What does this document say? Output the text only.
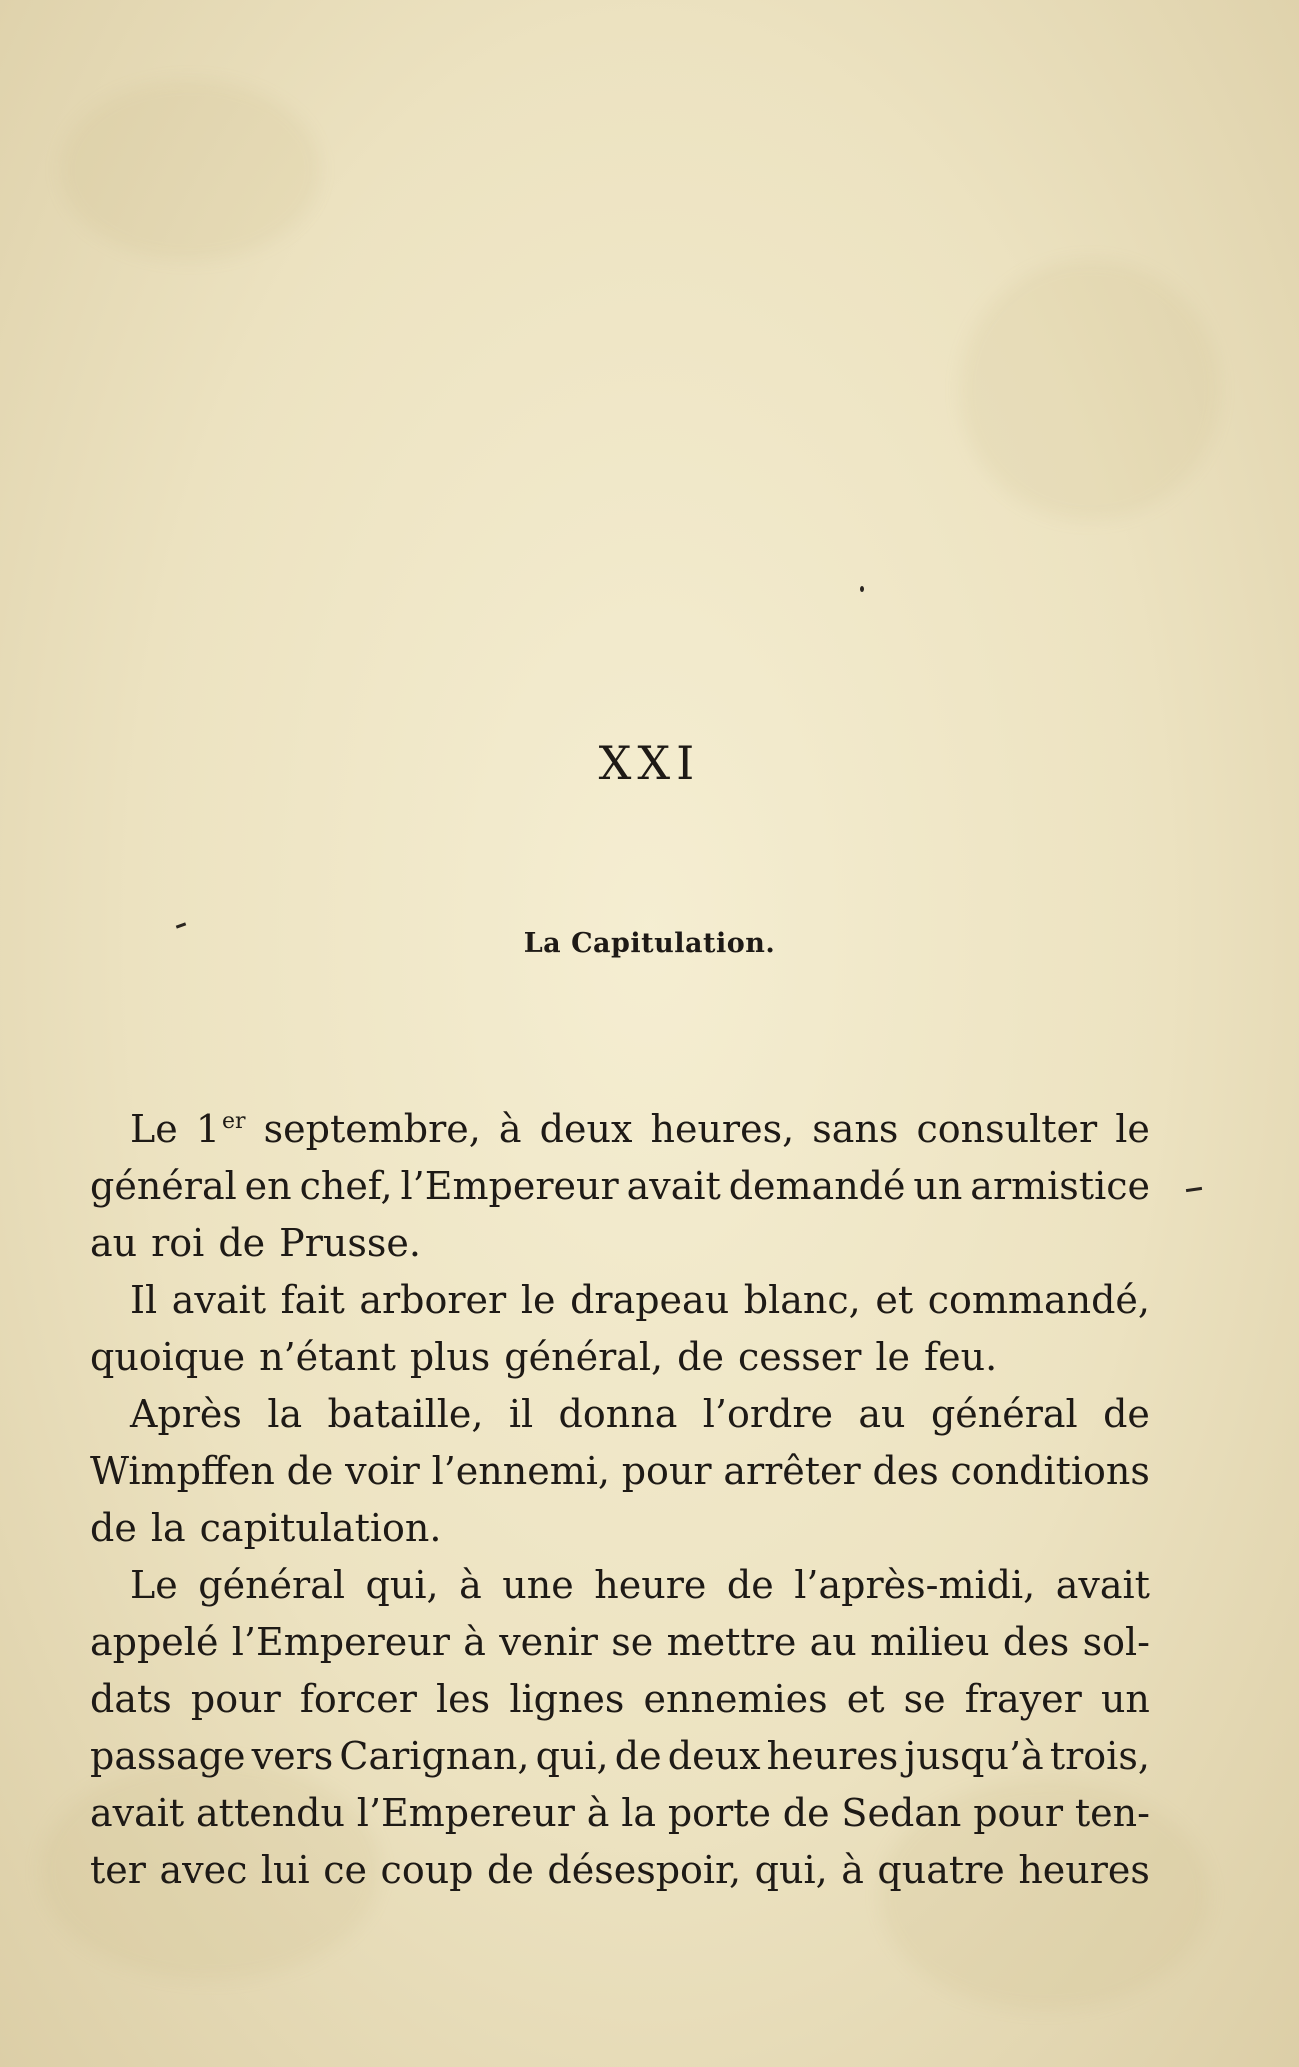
XXI
La Capitulation.
Le 1er septembre, à deux heures, sans consulter le
général en chef, l’Empereur avait demandé un armistice
au roi de Prusse.
Il avait fait arborer le drapeau blanc, et commandé,
quoique n’étant plus général, de cesser le feu.
Après la bataille, il donna l’ordre au général de
Wimpffen de voir l’ennemi, pour arrêter des conditions
de la capitulation.
Le général qui, à une heure de l’après-midi, avait
appelé l’Empereur à venir se mettre au milieu des sol-
dats pour forcer les lignes ennemies et se frayer un
passage vers Carignan, qui, de deux heures jusqu’à trois,
avait attendu l’Empereur à la porte de Sedan pour ten-
ter avec lui ce coup de désespoir, qui, à quatre heures
